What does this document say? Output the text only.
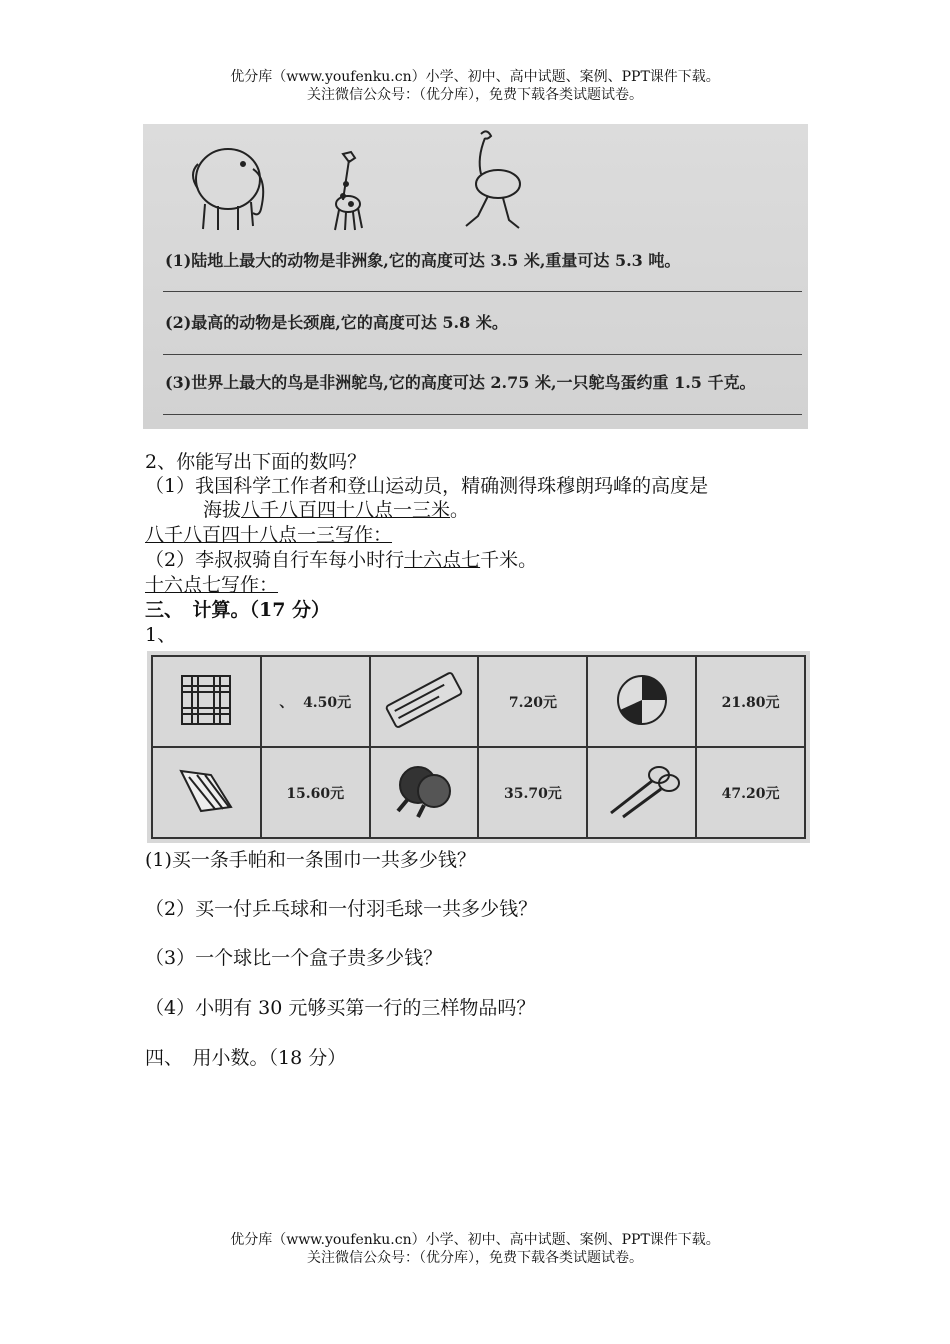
优分库（www.youfenku.cn）小学、初中、高中试题、案例、PPT课件下载。
关注微信公众号：（优分库），免费下载各类试题试卷。
(1)陆地上最大的动物是非洲象,它的高度可达 3.5 米,重量可达 5.3 吨。
(2)最高的动物是长颈鹿,它的高度可达 5.8 米。
(3)世界上最大的鸟是非洲鸵鸟,它的高度可达 2.75 米,一只鸵鸟蛋约重 1.5 千克。
2、你能写出下面的数吗？
（1）我国科学工作者和登山运动员，精确测得珠穆朗玛峰的高度是
海拔八千八百四十八点一三米。
八千八百四十八点一三写作：
（2）李叔叔骑自行车每小时行十六点七千米。
十六点七写作：
三、　计算。（17 分）
1、
	、 4.50元		7.20元		21.80元
	15.60元		35.70元		47.20元
(1)买一条手帕和一条围巾一共多少钱？
（2）买一付乒乓球和一付羽毛球一共多少钱？
（3）一个球比一个盒子贵多少钱？
（4）小明有 30 元够买第一行的三样物品吗？
四、　用小数。（18 分）
优分库（www.youfenku.cn）小学、初中、高中试题、案例、PPT课件下载。
关注微信公众号：（优分库），免费下载各类试题试卷。
